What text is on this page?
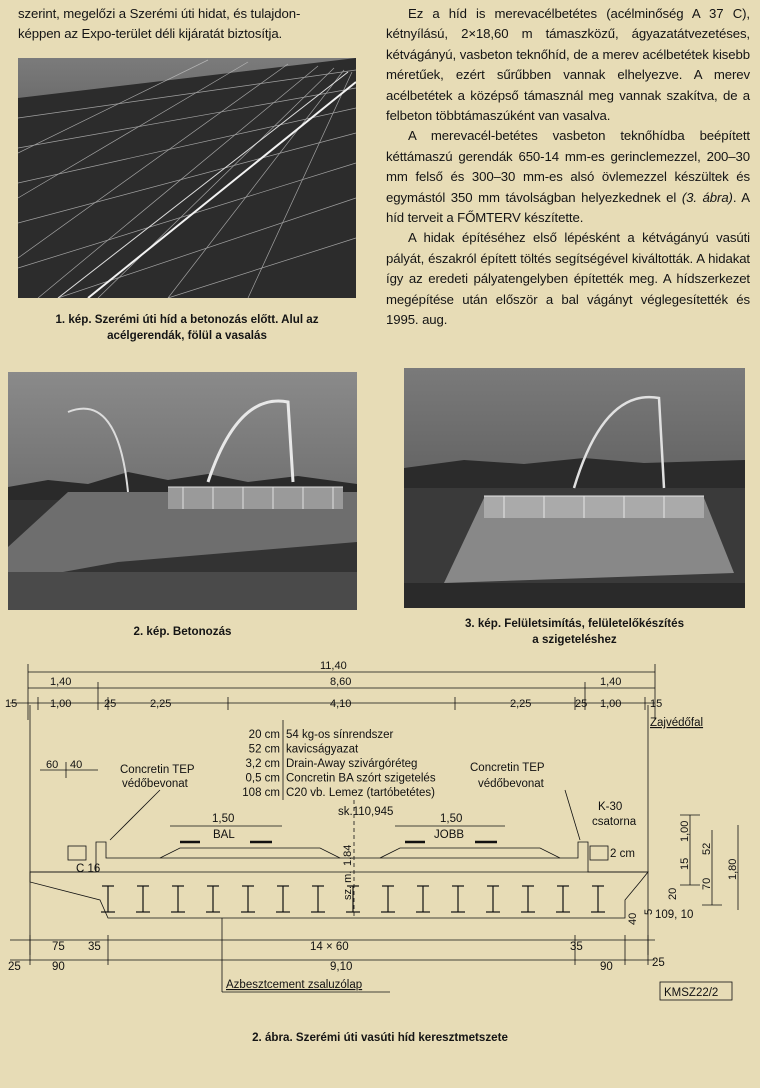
szerint, megelőzi a Szerémi úti hidat, és tulajdon-
képpen az Expo-terület déli kijáratát biztosítja.
1. kép. Szerémi úti híd a betonozás előtt. Alul az
acélgerendák, fölül a vasalás
Ez a híd is merevacélbetétes (acélminőség A 37 C), kétnyílású, 2×18,60 m támaszközű, ágyazatátvezetéses, kétvágányú, vasbeton teknőhíd, de a merev acélbetétek kisebb méretűek, ezért sűrűbben vannak elhelyezve. A merev acélbetétek a középső támasznál meg vannak szakítva, de a felbeton többtámaszúként van vasalva.
A merevacél-betétes vasbeton teknőhídba beépített kéttámaszú gerendák 650-14 mm-es gerinclemezzel, 200–30 mm felső és 300–30 mm-es alsó övlemezzel készültek és egymástól 350 mm távolságban helyezkednek el (3. ábra). A híd terveit a FŐMTERV készítette.
A hidak építéséhez első lépésként a kétvágányú vasúti pályát, északról épített töltés segítségével kiváltották. A hidakat így az eredeti pályatengelyben építették meg. A hídszerkezet megépítése után először a bal vágányt véglegesítették és 1995. aug.
2. kép. Betonozás
3. kép. Felületsimítás, felületelőkészítés
a szigeteléshez
11,40
1,40	8,60	1,40
15	1,00	25	2,25	4,10	2,25	25 1,00	15
60 40
20 cm 54 kg-os sínrendszer
52 cm kavicságyazat
3,2 cm Drain-Away szivárgóréteg
0,5 cm Concretin BA szórt szigetelés
108 cm C20 vb. Lemez (tartóbetétes)
Zajvédőfal
Concretin TEP
védőbevonat
Concretin TEP
védőbevonat
BAL	JOBB
1,50	1,50
sk.110,945	K-30
csatorna
2 cm
C 16
109, 10
75 35	14 × 60	35
25	90	9,10	90	25
Azbesztcement zsaluzólap
KMSZ22/2
1,84
sz. m.
1,00
15
52
70
20
1,80
40
5
2. ábra. Szerémi úti vasúti híd keresztmetszete
